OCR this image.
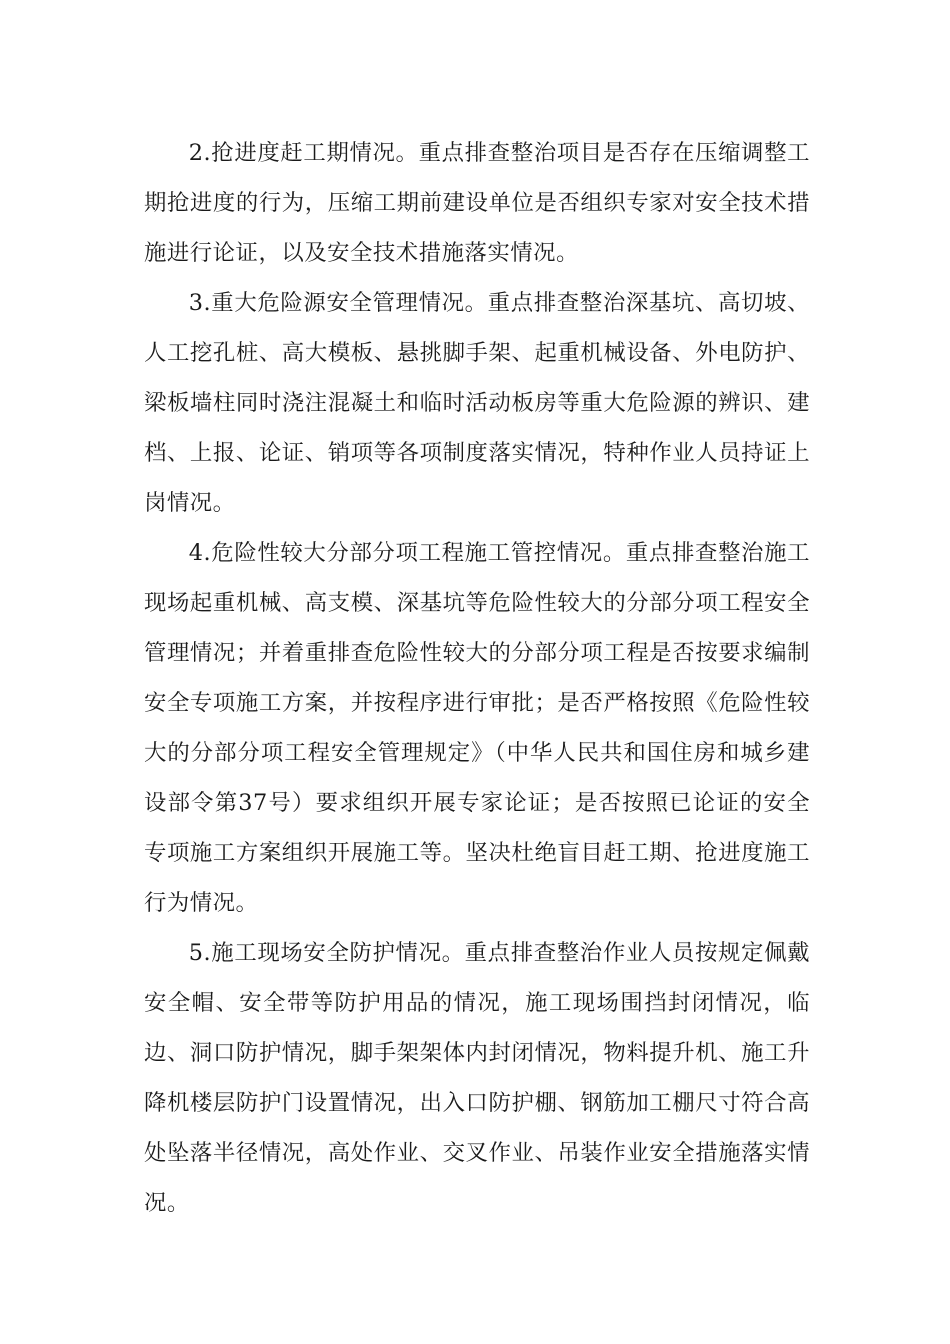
2.抢进度赶工期情况。重点排查整治项目是否存在压缩调整工期抢进度的行为，压缩工期前建设单位是否组织专家对安全技术措施进行论证，以及安全技术措施落实情况。

3.重大危险源安全管理情况。重点排查整治深基坑、高切坡、人工挖孔桩、高大模板、悬挑脚手架、起重机械设备、外电防护、梁板墙柱同时浇注混凝土和临时活动板房等重大危险源的辨识、建档、上报、论证、销项等各项制度落实情况，特种作业人员持证上岗情况。

4.危险性较大分部分项工程施工管控情况。重点排查整治施工现场起重机械、高支模、深基坑等危险性较大的分部分项工程安全管理情况；并着重排查危险性较大的分部分项工程是否按要求编制安全专项施工方案，并按程序进行审批；是否严格按照《危险性较大的分部分项工程安全管理规定》（中华人民共和国住房和城乡建设部令第37号）要求组织开展专家论证；是否按照已论证的安全专项施工方案组织开展施工等。坚决杜绝盲目赶工期、抢进度施工行为情况。

5.施工现场安全防护情况。重点排查整治作业人员按规定佩戴安全帽、安全带等防护用品的情况，施工现场围挡封闭情况，临边、洞口防护情况，脚手架架体内封闭情况，物料提升机、施工升降机楼层防护门设置情况，出入口防护棚、钢筋加工棚尺寸符合高处坠落半径情况，高处作业、交叉作业、吊装作业安全措施落实情况。
